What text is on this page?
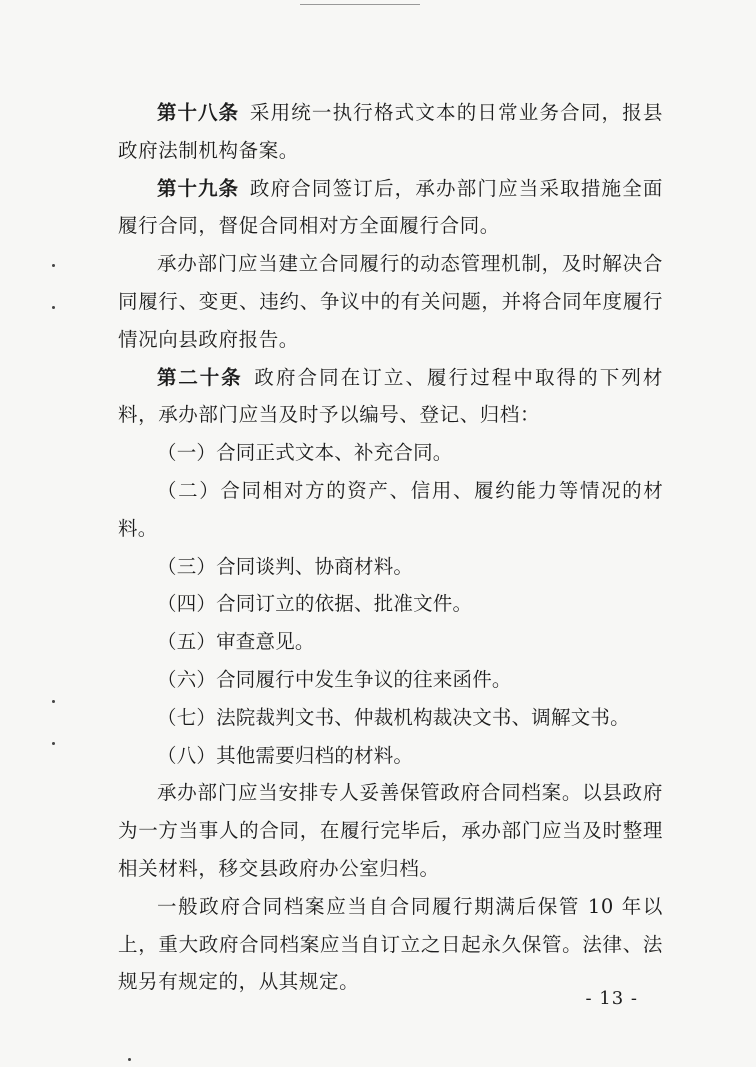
第十八条  采用统一执行格式文本的日常业务合同，报县政府法制机构备案。

第十九条  政府合同签订后，承办部门应当采取措施全面履行合同，督促合同相对方全面履行合同。

承办部门应当建立合同履行的动态管理机制，及时解决合同履行、变更、违约、争议中的有关问题，并将合同年度履行情况向县政府报告。

第二十条  政府合同在订立、履行过程中取得的下列材料，承办部门应当及时予以编号、登记、归档：

（一）合同正式文本、补充合同。

（二）合同相对方的资产、信用、履约能力等情况的材料。

（三）合同谈判、协商材料。

（四）合同订立的依据、批准文件。

（五）审查意见。

（六）合同履行中发生争议的往来函件。

（七）法院裁判文书、仲裁机构裁决文书、调解文书。

（八）其他需要归档的材料。

承办部门应当安排专人妥善保管政府合同档案。以县政府为一方当事人的合同，在履行完毕后，承办部门应当及时整理相关材料，移交县政府办公室归档。

一般政府合同档案应当自合同履行期满后保管 10 年以上，重大政府合同档案应当自订立之日起永久保管。法律、法规另有规定的，从其规定。

- 13 -
